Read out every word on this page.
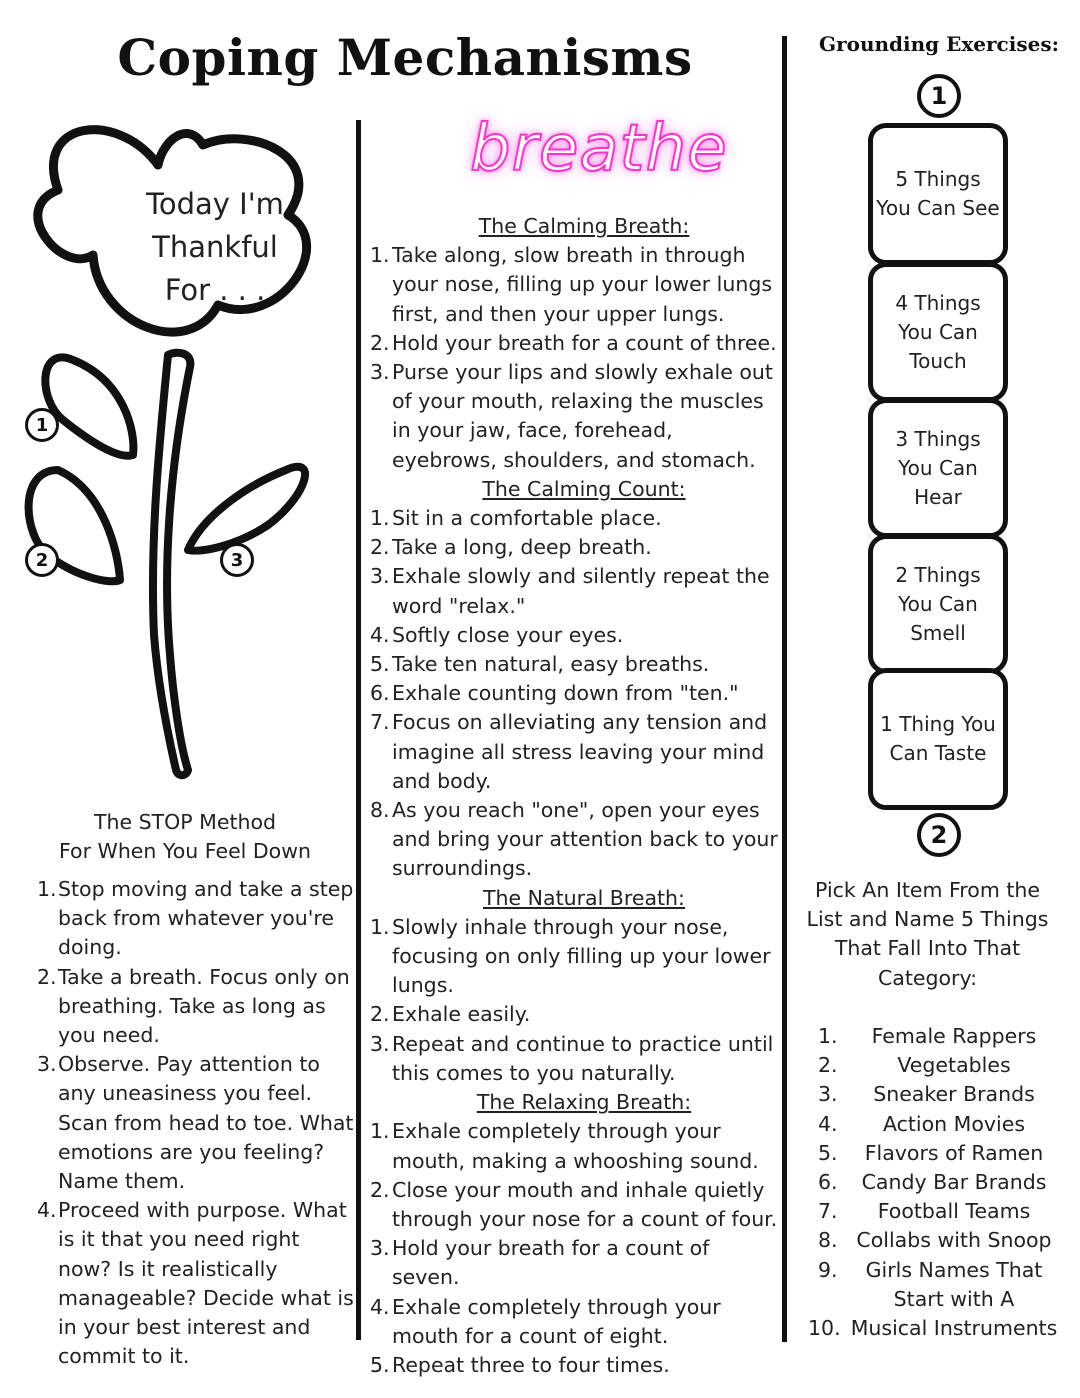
Coping Mechanisms	Grounding Exercises:
Today I'm Thankful For . . .
1
2	3
The STOP Method
For When You Feel Down
1. Stop moving and take a step back from whatever you're doing.
2. Take a breath. Focus only on breathing. Take as long as you need.
3. Observe. Pay attention to any uneasiness you feel. Scan from head to toe. What emotions are you feeling? Name them.
4. Proceed with purpose. What is it that you need right now? Is it realistically manageable? Decide what is in your best interest and commit to it.
breathe
The Calming Breath:
1. Take along, slow breath in through your nose, filling up your lower lungs first, and then your upper lungs.
2. Hold your breath for a count of three.
3. Purse your lips and slowly exhale out of your mouth, relaxing the muscles in your jaw, face, forehead, eyebrows, shoulders, and stomach.
The Calming Count:
1. Sit in a comfortable place.
2. Take a long, deep breath.
3. Exhale slowly and silently repeat the word "relax."
4. Softly close your eyes.
5. Take ten natural, easy breaths.
6. Exhale counting down from "ten."
7. Focus on alleviating any tension and imagine all stress leaving your mind and body.
8. As you reach "one", open your eyes and bring your attention back to your surroundings.
The Natural Breath:
1. Slowly inhale through your nose, focusing on only filling up your lower lungs.
2. Exhale easily.
3. Repeat and continue to practice until this comes to you naturally.
The Relaxing Breath:
1. Exhale completely through your mouth, making a whooshing sound.
2. Close your mouth and inhale quietly through your nose for a count of four.
3. Hold your breath for a count of seven.
4. Exhale completely through your mouth for a count of eight.
5. Repeat three to four times.
1
5 Things You Can See
4 Things You Can Touch
3 Things You Can Hear
2 Things You Can Smell
1 Thing You Can Taste
2
Pick An Item From the List and Name 5 Things That Fall Into That Category:
1. Female Rappers
2.	Vegetables
3. Sneaker Brands
4. Action Movies
5. Flavors of Ramen
6. Candy Bar Brands
7. Football Teams
8. Collabs with Snoop
9. Girls Names That Start with A
10. Musical Instruments
